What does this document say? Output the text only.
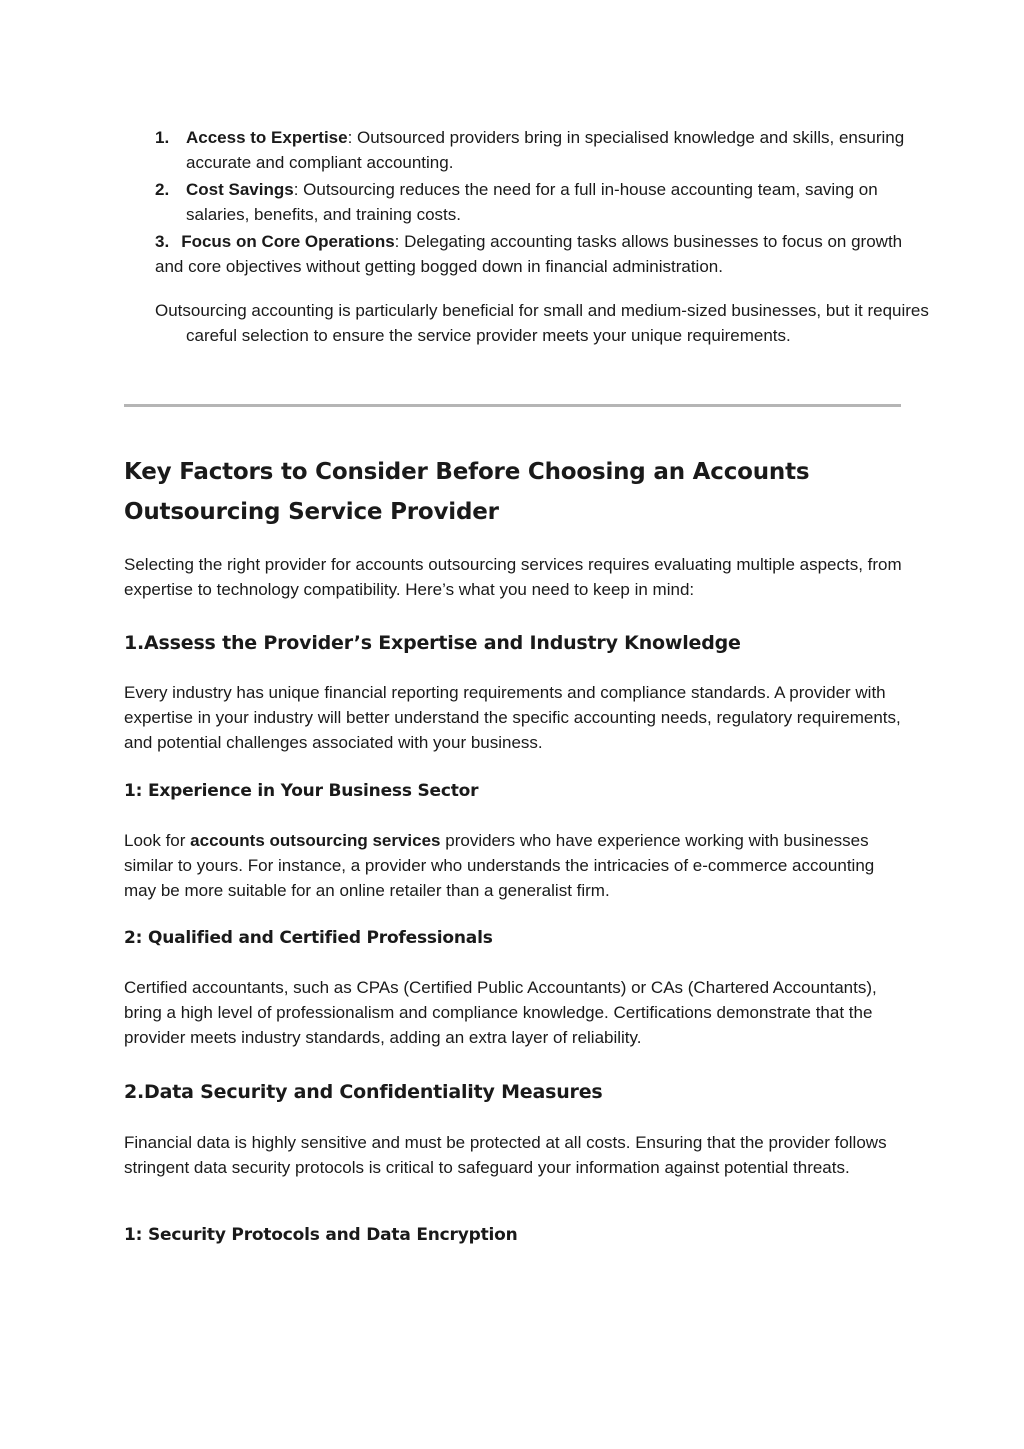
1. Access to Expertise: Outsourced providers bring in specialised knowledge and skills, ensuring accurate and compliant accounting.
2. Cost Savings: Outsourcing reduces the need for a full in-house accounting team, saving on salaries, benefits, and training costs.
3. Focus on Core Operations: Delegating accounting tasks allows businesses to focus on growth and core objectives without getting bogged down in financial administration.

Outsourcing accounting is particularly beneficial for small and medium-sized businesses, but it requires careful selection to ensure the service provider meets your unique requirements.

Key Factors to Consider Before Choosing an Accounts Outsourcing Service Provider

Selecting the right provider for accounts outsourcing services requires evaluating multiple aspects, from expertise to technology compatibility. Here’s what you need to keep in mind:

1.Assess the Provider’s Expertise and Industry Knowledge

Every industry has unique financial reporting requirements and compliance standards. A provider with expertise in your industry will better understand the specific accounting needs, regulatory requirements, and potential challenges associated with your business.

1: Experience in Your Business Sector

Look for accounts outsourcing services providers who have experience working with businesses similar to yours. For instance, a provider who understands the intricacies of e-commerce accounting may be more suitable for an online retailer than a generalist firm.

2: Qualified and Certified Professionals

Certified accountants, such as CPAs (Certified Public Accountants) or CAs (Chartered Accountants), bring a high level of professionalism and compliance knowledge. Certifications demonstrate that the provider meets industry standards, adding an extra layer of reliability.

2.Data Security and Confidentiality Measures

Financial data is highly sensitive and must be protected at all costs. Ensuring that the provider follows stringent data security protocols is critical to safeguard your information against potential threats.

1: Security Protocols and Data Encryption
